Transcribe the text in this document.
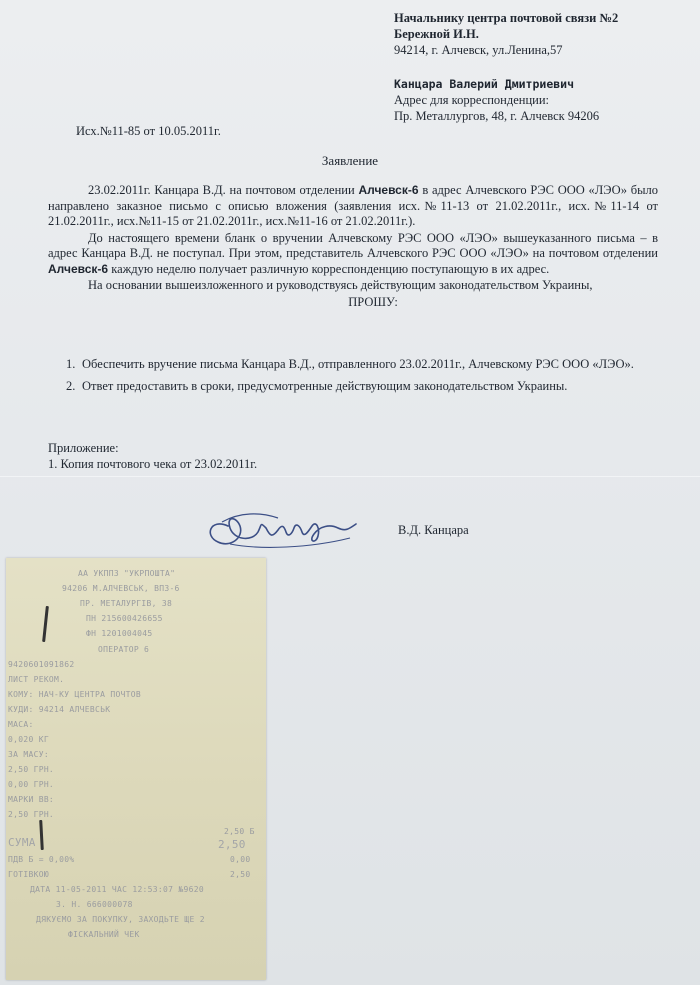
Начальнику центра почтовой связи №2
Бережной И.Н.
94214, г. Алчевск, ул.Ленина,57
Канцара Валерий Дмитриевич
Адрес для корреспонденции:
Пр. Металлургов, 48, г. Алчевск 94206
Исх.№11-85 от 10.05.2011г.
Заявление

23.02.2011г. Канцара В.Д. на почтовом отделении Алчевск-6 в адрес Алчевского РЭС ООО «ЛЭО» было направлено заказное письмо с описью вложения (заявления исх.№11-13 от 21.02.2011г., исх.№11-14 от 21.02.2011г., исх.№11-15 от 21.02.2011г., исх.№11-16 от 21.02.2011г.).

До настоящего времени бланк о вручении Алчевскому РЭС ООО «ЛЭО» вышеуказанного письма – в адрес Канцара В.Д. не поступал. При этом, представитель Алчевского РЭС ООО «ЛЭО» на почтовом отделении Алчевск-6 каждую неделю получает различную корреспонденцию поступающую в их адрес.

На основании вышеизложенного и руководствуясь действующим законодательством Украины,

ПРОШУ:

1. Обеспечить вручение письма Канцара В.Д., отправленного 23.02.2011г., Алчевскому РЭС ООО «ЛЭО».
2. Ответ предоставить в сроки, предусмотренные действующим законодательством Украины.
Приложение:
1. Копия почтового чека от 23.02.2011г.
В.Д. Канцара
АА УКППЗ "УКРПОШТА"
94206 М.АЛЧЕВСЬК, ВПЗ-6
ПР. МЕТАЛУРГІВ, 38
ПН 215600426655
ФН 1201004045
ОПЕРАТОР 6
9420601091862
ЛИСТ РЕКОМ.
КОМУ: НАЧ-КУ ЦЕНТРА ПОЧТОВ
КУДИ: 94214 АЛЧЕВСЬК
МАСА:
0,020 КГ
ЗА МАСУ:
2,50 ГРН.
0,00 ГРН.
МАРКИ ВВ:
2,50 ГРН.
СУМА	2,50
2,50 Б
ПДВ Б = 0,00%	0,00
ГОТІВКОЮ	2,50
ДАТА 11-05-2011 ЧАС 12:53:07 №9620
3. Н. 666000078
ДЯКУЄМО ЗА ПОКУПКУ, ЗАХОДЬТЕ ЩЕ 2
ФІСКАЛЬНИЙ ЧЕК
